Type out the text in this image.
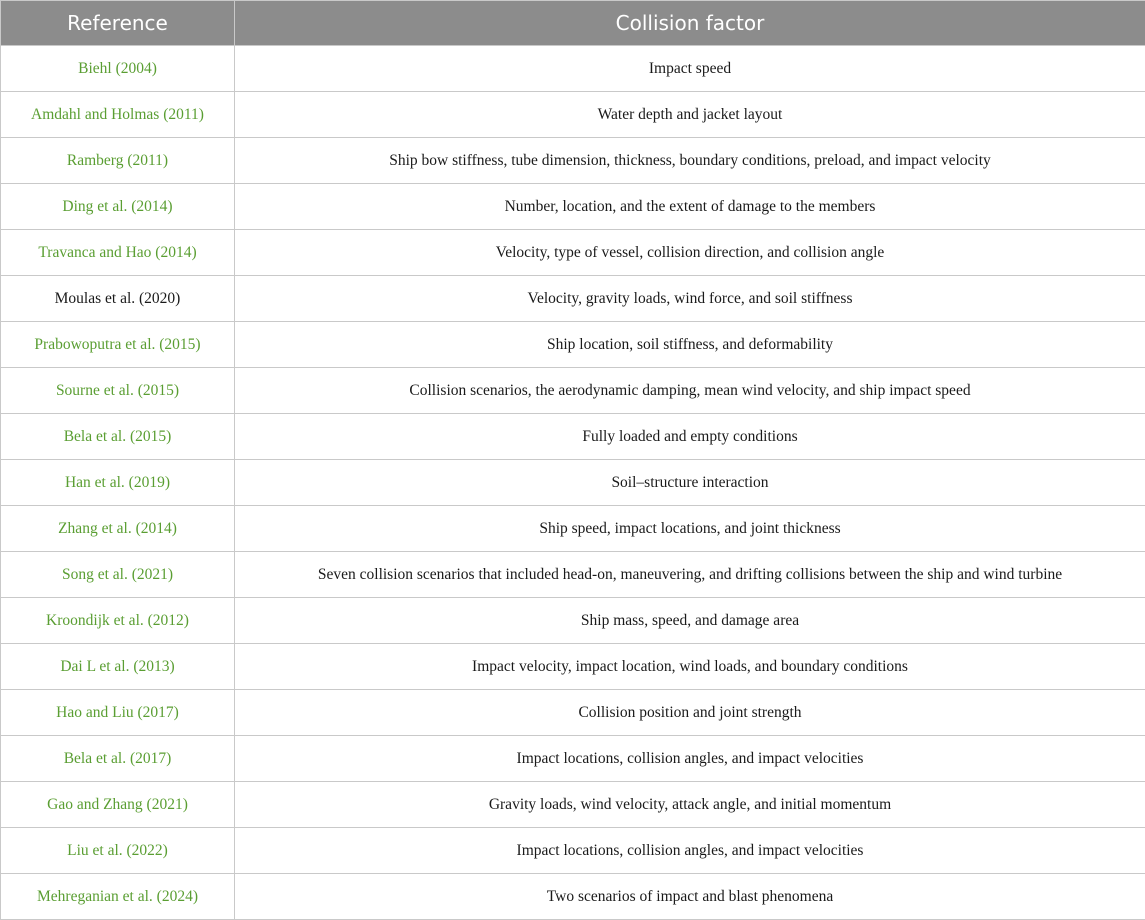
Reference	Collision factor
Biehl (2004)	Impact speed
Amdahl and Holmas (2011)	Water depth and jacket layout
Ramberg (2011)	Ship bow stiffness, tube dimension, thickness, boundary conditions, preload, and impact velocity
Ding et al. (2014)	Number, location, and the extent of damage to the members
Travanca and Hao (2014)	Velocity, type of vessel, collision direction, and collision angle
Moulas et al. (2020)	Velocity, gravity loads, wind force, and soil stiffness
Prabowoputra et al. (2015)	Ship location, soil stiffness, and deformability
Sourne et al. (2015)	Collision scenarios, the aerodynamic damping, mean wind velocity, and ship impact speed
Bela et al. (2015)	Fully loaded and empty conditions
Han et al. (2019)	Soil–structure interaction
Zhang et al. (2014)	Ship speed, impact locations, and joint thickness
Song et al. (2021)	Seven collision scenarios that included head-on, maneuvering, and drifting collisions between the ship and wind turbine
Kroondijk et al. (2012)	Ship mass, speed, and damage area
Dai L et al. (2013)	Impact velocity, impact location, wind loads, and boundary conditions
Hao and Liu (2017)	Collision position and joint strength
Bela et al. (2017)	Impact locations, collision angles, and impact velocities
Gao and Zhang (2021)	Gravity loads, wind velocity, attack angle, and initial momentum
Liu et al. (2022)	Impact locations, collision angles, and impact velocities
Mehreganian et al. (2024)	Two scenarios of impact and blast phenomena
